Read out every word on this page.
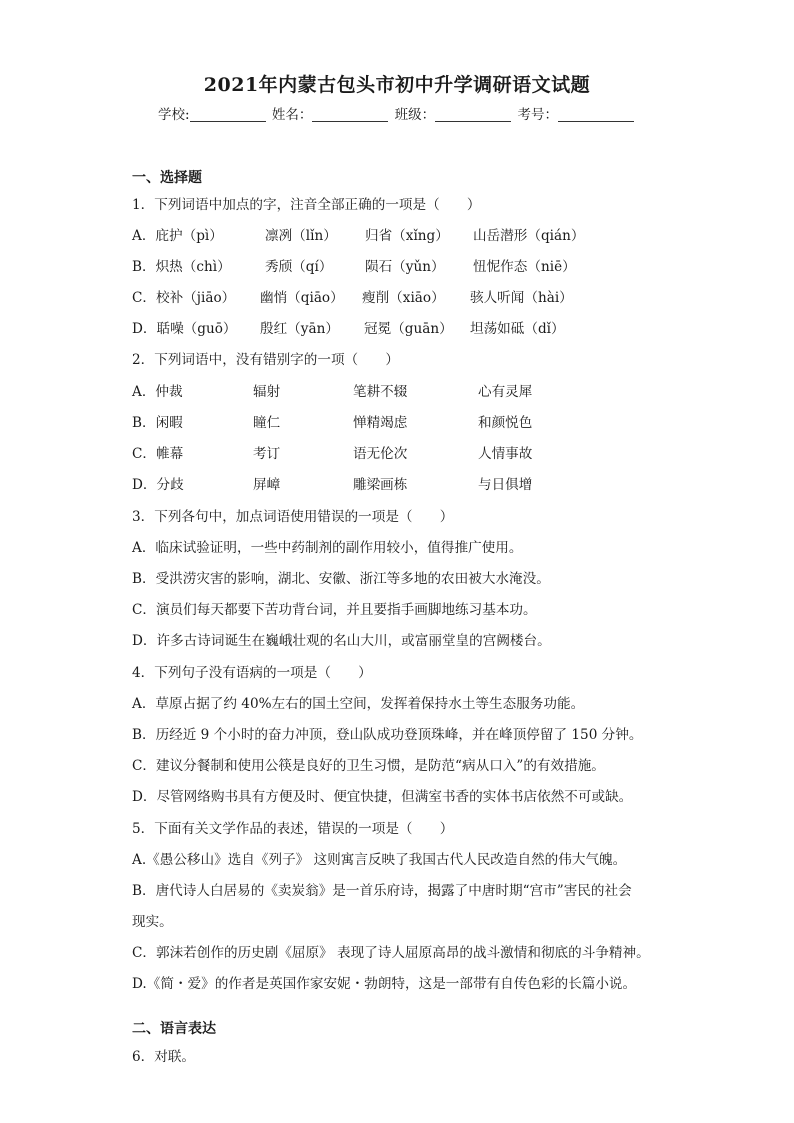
2021年内蒙古包头市初中升学调研语文试题
学校:	姓名：	班级：	考号：
一、选择题
1．下列词语中加点的字，注音全部正确的一项是（　　）
A．庇护（pì）	凛冽（lǐn） 归省（xǐng） 山岳潜形（qián）
B．炽热（chì）	秀颀（qí） 陨石（yǔn） 忸怩作态（niē）
C．校补（jiāo） 幽悄（qiāo） 瘦削（xiāo） 骇人听闻（hài）
D．聒噪（guō） 殷红（yān） 冠冕（guān） 坦荡如砥（dǐ）
2．下列词语中，没有错别字的一项（　　）
A．仲裁	辐射	笔耕不辍	心有灵犀
B．闲暇	瞳仁	惮精竭虑	和颜悦色
C．帷幕	考订	语无伦次	人情事故
D．分歧	屏嶂	雕梁画栋	与日俱增
3．下列各句中，加点词语使用错误的一项是（　　）
A．临床试验证明，一些中药制剂的副作用较小，值得推广使用。
B．受洪涝灾害的影响，湖北、安徽、浙江等多地的农田被大水淹没。
C．演员们每天都要下苦功背台词，并且要指手画脚地练习基本功。
D．许多古诗词诞生在巍峨壮观的名山大川，或富丽堂皇的宫阙楼台。
4．下列句子没有语病的一项是（　　）
A．草原占据了约 40%左右的国土空间，发挥着保持水土等生态服务功能。
B．历经近 9 个小时的奋力冲顶，登山队成功登顶珠峰，并在峰顶停留了 150 分钟。
C．建议分餐制和使用公筷是良好的卫生习惯，是防范“病从口入”的有效措施。
D．尽管网络购书具有方便及时、便宜快捷，但满室书香的实体书店依然不可或缺。
5．下面有关文学作品的表述，错误的一项是（　　）
A.《愚公移山》选自《列子》 这则寓言反映了我国古代人民改造自然的伟大气魄。
B．唐代诗人白居易的《卖炭翁》是一首乐府诗，揭露了中唐时期“宫市”害民的社会
现实。
C．郭沫若创作的历史剧《屈原》 表现了诗人屈原高昂的战斗激情和彻底的斗争精神。
D.《简・爱》的作者是英国作家安妮・勃朗特，这是一部带有自传色彩的长篇小说。
二、语言表达
6．对联。
